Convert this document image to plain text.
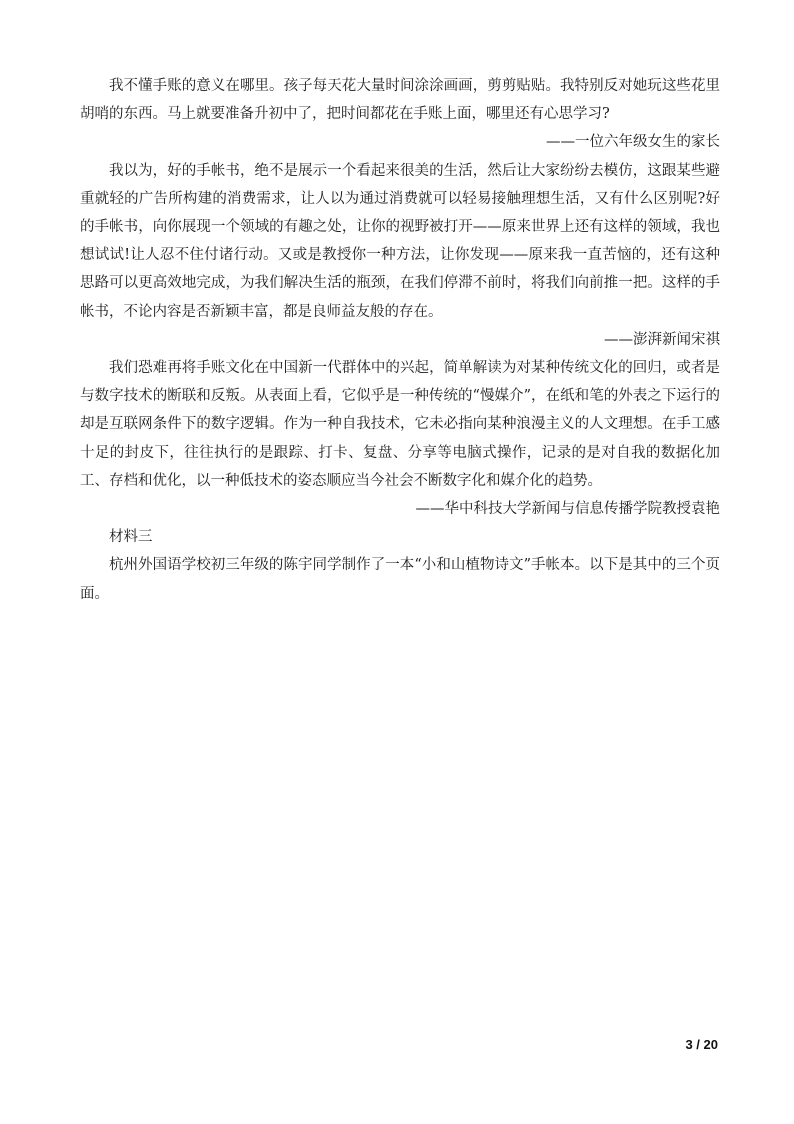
我不懂手账的意义在哪里。孩子每天花大量时间涂涂画画，剪剪贴贴。我特别反对她玩这些花里胡哨的东西。马上就要准备升初中了，把时间都花在手账上面，哪里还有心思学习?

——一位六年级女生的家长

我以为，好的手帐书，绝不是展示一个看起来很美的生活，然后让大家纷纷去模仿，这跟某些避重就轻的广告所构建的消费需求，让人以为通过消费就可以轻易接触理想生活，又有什么区别呢?好的手帐书，向你展现一个领域的有趣之处，让你的视野被打开——原来世界上还有这样的领域，我也想试试!让人忍不住付诸行动。又或是教授你一种方法，让你发现——原来我一直苦恼的，还有这种思路可以更高效地完成，为我们解决生活的瓶颈，在我们停滞不前时，将我们向前推一把。这样的手帐书，不论内容是否新颖丰富，都是良师益友般的存在。

——澎湃新闻宋祺

我们恐难再将手账文化在中国新一代群体中的兴起，简单解读为对某种传统文化的回归，或者是与数字技术的断联和反叛。从表面上看，它似乎是一种传统的“慢媒介”，在纸和笔的外表之下运行的却是互联网条件下的数字逻辑。作为一种自我技术，它未必指向某种浪漫主义的人文理想。在手工感十足的封皮下，往往执行的是跟踪、打卡、复盘、分享等电脑式操作，记录的是对自我的数据化加工、存档和优化，以一种低技术的姿态顺应当今社会不断数字化和媒介化的趋势。

——华中科技大学新闻与信息传播学院教授袁艳

材料三

杭州外国语学校初三年级的陈宇同学制作了一本“小和山植物诗文”手帐本。以下是其中的三个页面。

3 / 20
